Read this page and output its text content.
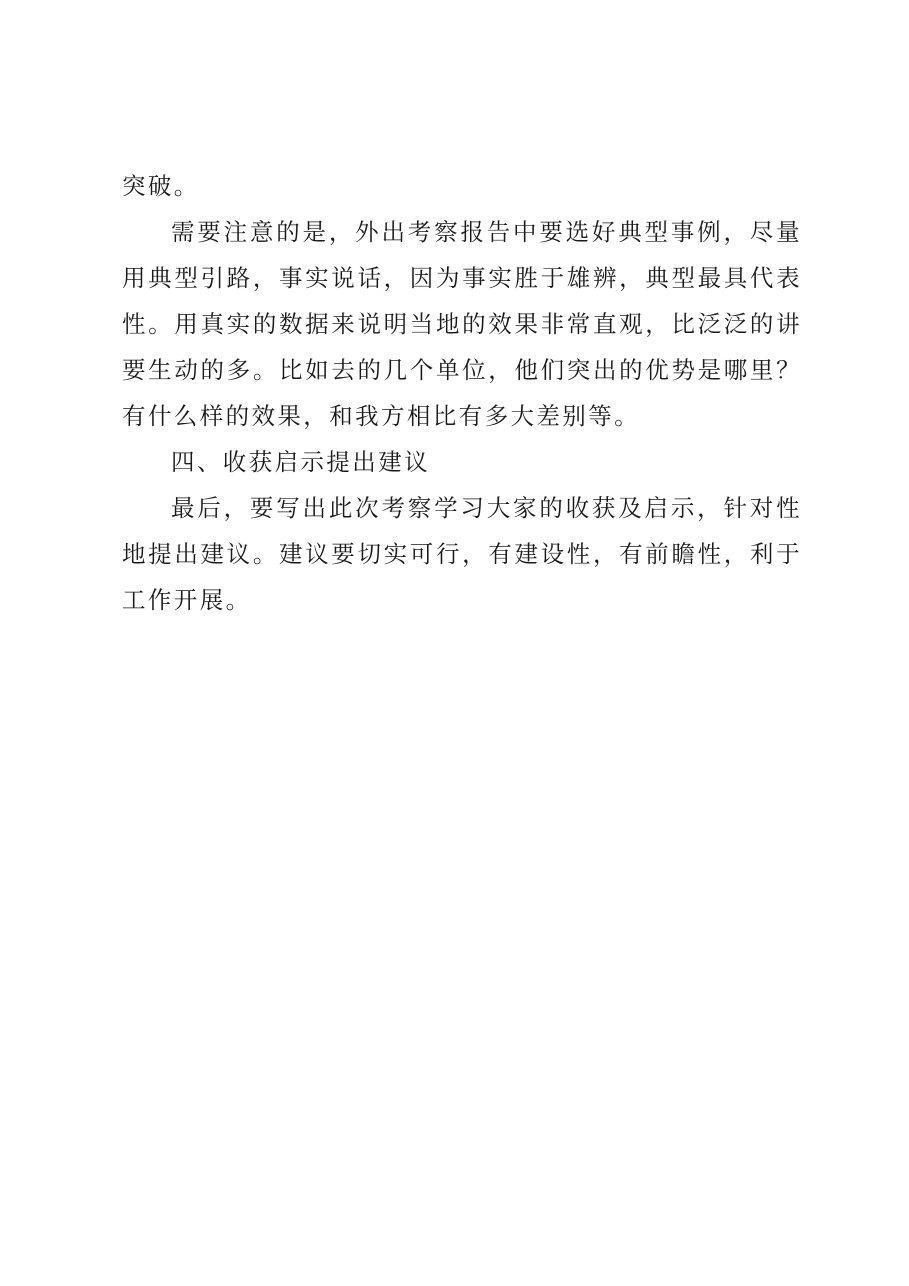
突破。

需要注意的是，外出考察报告中要选好典型事例，尽量用典型引路，事实说话，因为事实胜于雄辨，典型最具代表性。用真实的数据来说明当地的效果非常直观，比泛泛的讲要生动的多。比如去的几个单位，他们突出的优势是哪里？有什么样的效果，和我方相比有多大差别等。

四、收获启示提出建议

最后，要写出此次考察学习大家的收获及启示，针对性地提出建议。建议要切实可行，有建设性，有前瞻性，利于工作开展。
